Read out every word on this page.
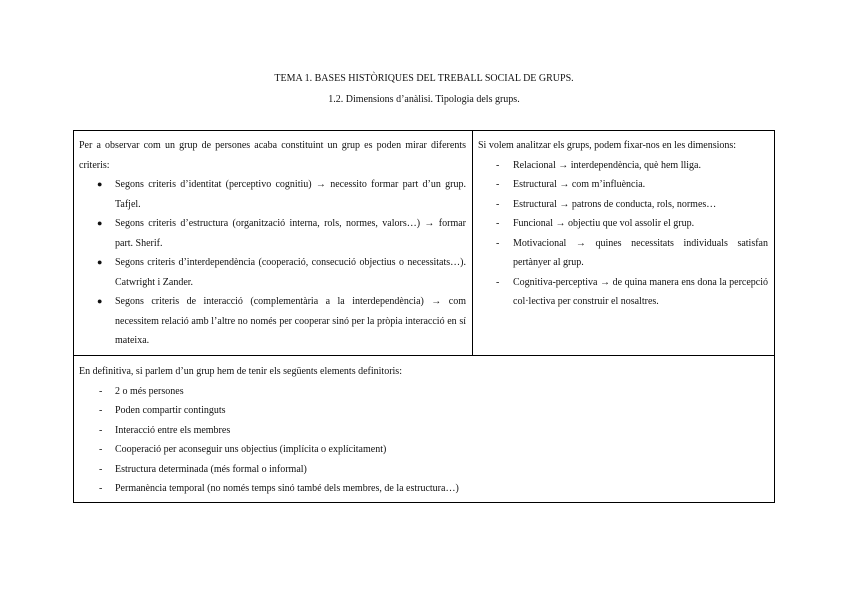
TEMA 1. BASES HISTÒRIQUES DEL TREBALL SOCIAL DE GRUPS.
1.2. Dimensions d’anàlisi. Tipologia dels grups.

Per a observar com un grup de persones acaba constituint un grup es poden mirar diferents criteris:

● Segons criteris d’identitat (perceptivo cognitiu) → necessito formar part d’un grup. Tafjel.
● Segons criteris d’estructura (organització interna, rols, normes, valors…) → formar part. Sherif.
● Segons criteris d’interdependència (cooperació, consecució objectius o necessitats…). Catwright i Zander.
● Segons criteris de interacció (complementària a la interdependència) → com necessitem relació amb l’altre no només per cooperar sinó per la pròpia interacció en sí mateixa.

Si volem analitzar els grups, podem fixar-nos en les dimensions:

- Relacional → interdependència, què hem lliga.
- Estructural → com m’influència.
- Estructural → patrons de conducta, rols, normes…
- Funcional → objectiu que vol assolir el grup.
- Motivacional → quines necessitats individuals satisfan pertànyer al grup.
- Cognitiva-perceptiva → de quina manera ens dona la percepció col·lectiva per construir el nosaltres.

En definitiva, si parlem d’un grup hem de tenir els següents elements definitoris:

- 2 o més persones
- Poden compartir continguts
- Interacció entre els membres
- Cooperació per aconseguir uns objectius (implícita o explícitament)
- Estructura determinada (més formal o informal)
- Permanència temporal (no només temps sinó també dels membres, de la estructura…)
